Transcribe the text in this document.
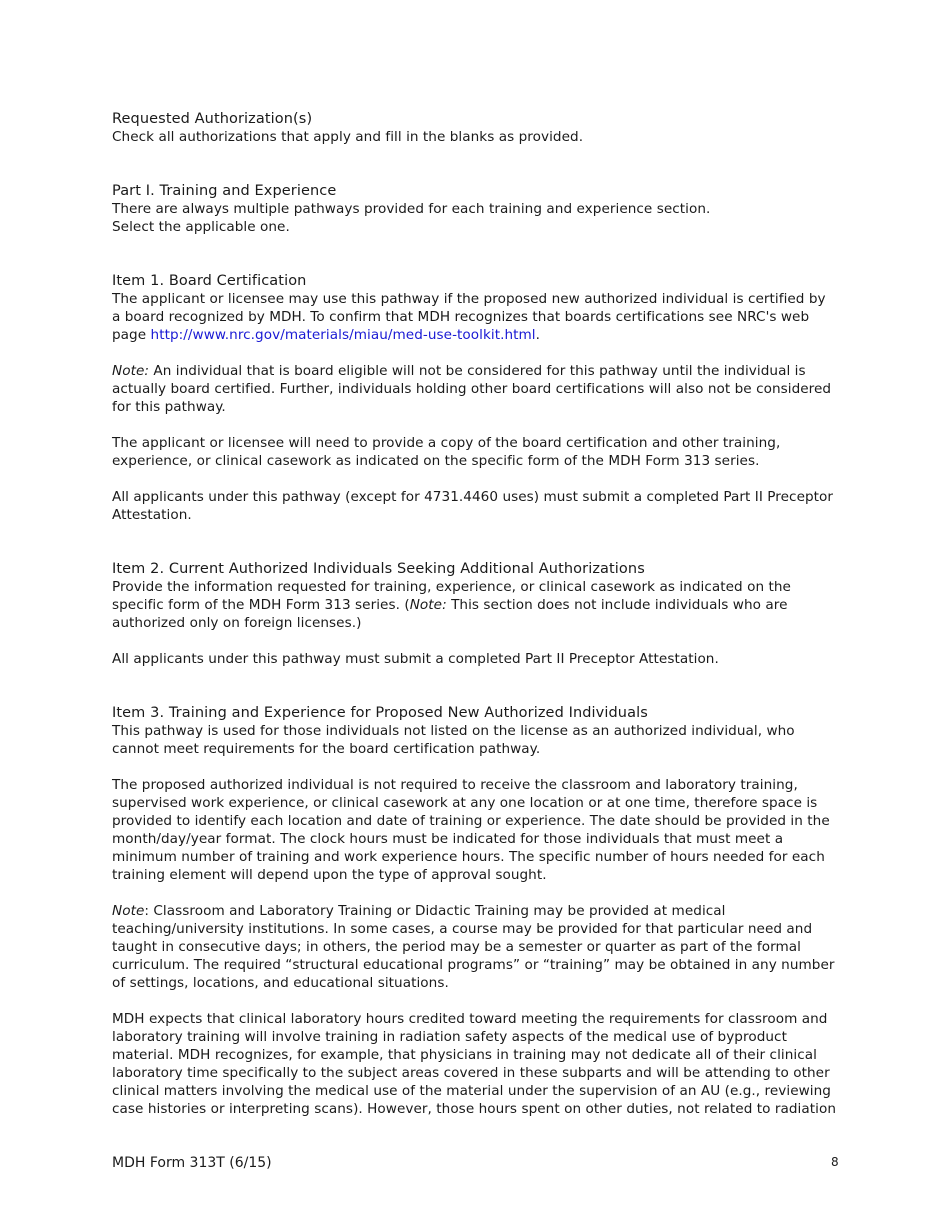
Requested Authorization(s)

Check all authorizations that apply and fill in the blanks as provided.

Part I. Training and Experience

There are always multiple pathways provided for each training and experience section.

Select the applicable one.

Item 1. Board Certification

The applicant or licensee may use this pathway if the proposed new authorized individual is certified by a board recognized by MDH. To confirm that MDH recognizes that boards certifications see NRC's web page http://www.nrc.gov/materials/miau/med-use-toolkit.html.

Note: An individual that is board eligible will not be considered for this pathway until the individual is actually board certified. Further, individuals holding other board certifications will also not be considered for this pathway.

The applicant or licensee will need to provide a copy of the board certification and other training, experience, or clinical casework as indicated on the specific form of the MDH Form 313 series.

All applicants under this pathway (except for 4731.4460 uses) must submit a completed Part II Preceptor Attestation.

Item 2. Current Authorized Individuals Seeking Additional Authorizations

Provide the information requested for training, experience, or clinical casework as indicated on the specific form of the MDH Form 313 series. (Note: This section does not include individuals who are authorized only on foreign licenses.)

All applicants under this pathway must submit a completed Part II Preceptor Attestation.

Item 3. Training and Experience for Proposed New Authorized Individuals

This pathway is used for those individuals not listed on the license as an authorized individual, who cannot meet requirements for the board certification pathway.

The proposed authorized individual is not required to receive the classroom and laboratory training, supervised work experience, or clinical casework at any one location or at one time, therefore space is provided to identify each location and date of training or experience. The date should be provided in the month/day/year format. The clock hours must be indicated for those individuals that must meet a minimum number of training and work experience hours. The specific number of hours needed for each training element will depend upon the type of approval sought.

Note: Classroom and Laboratory Training or Didactic Training may be provided at medical teaching/university institutions. In some cases, a course may be provided for that particular need and taught in consecutive days; in others, the period may be a semester or quarter as part of the formal curriculum. The required “structural educational programs” or “training” may be obtained in any number of settings, locations, and educational situations.

MDH expects that clinical laboratory hours credited toward meeting the requirements for classroom and laboratory training will involve training in radiation safety aspects of the medical use of byproduct material. MDH recognizes, for example, that physicians in training may not dedicate all of their clinical laboratory time specifically to the subject areas covered in these subparts and will be attending to other clinical matters involving the medical use of the material under the supervision of an AU (e.g., reviewing case histories or interpreting scans). However, those hours spent on other duties, not related to radiation

MDH Form 313T (6/15)	8
